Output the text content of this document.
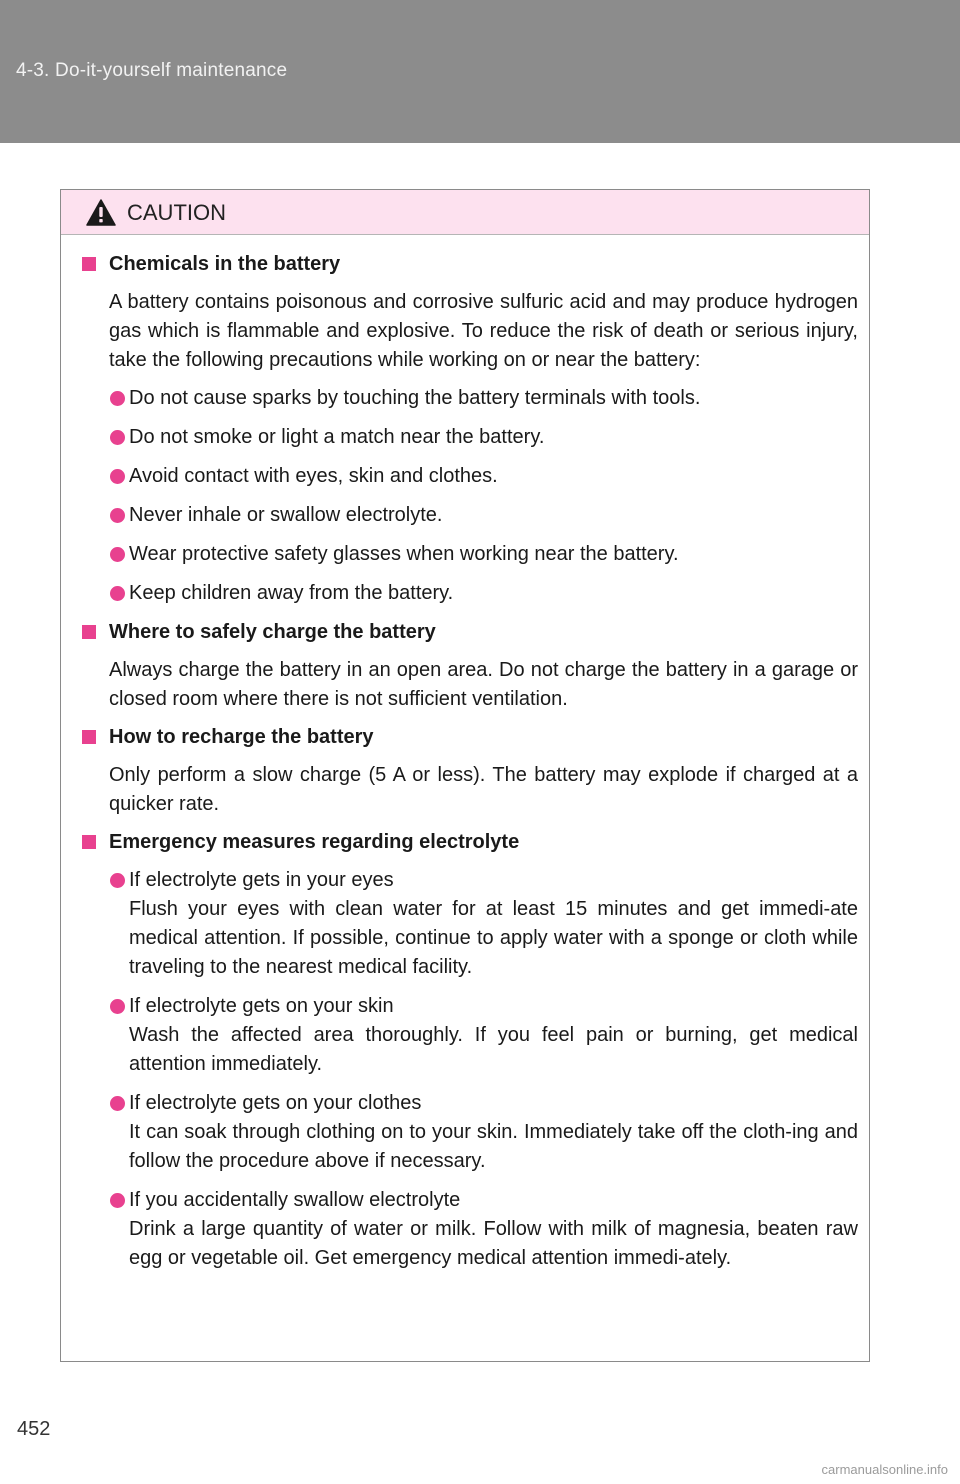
4-3. Do-it-yourself maintenance
CAUTION
Chemicals in the battery
A battery contains poisonous and corrosive sulfuric acid and may produce hydrogen gas which is flammable and explosive. To reduce the risk of death or serious injury, take the following precautions while working on or near the battery:
Do not cause sparks by touching the battery terminals with tools.
Do not smoke or light a match near the battery.
Avoid contact with eyes, skin and clothes.
Never inhale or swallow electrolyte.
Wear protective safety glasses when working near the battery.
Keep children away from the battery.
Where to safely charge the battery
Always charge the battery in an open area. Do not charge the battery in a garage or closed room where there is not sufficient ventilation.
How to recharge the battery
Only perform a slow charge (5 A or less). The battery may explode if charged at a quicker rate.
Emergency measures regarding electrolyte
If electrolyte gets in your eyes
Flush your eyes with clean water for at least 15 minutes and get immedi-ate medical attention. If possible, continue to apply water with a sponge or cloth while traveling to the nearest medical facility.
If electrolyte gets on your skin
Wash the affected area thoroughly. If you feel pain or burning, get medical attention immediately.
If electrolyte gets on your clothes
It can soak through clothing on to your skin. Immediately take off the cloth-ing and follow the procedure above if necessary.
If you accidentally swallow electrolyte
Drink a large quantity of water or milk. Follow with milk of magnesia, beaten raw egg or vegetable oil. Get emergency medical attention immedi-ately.
452
carmanualsonline.info
